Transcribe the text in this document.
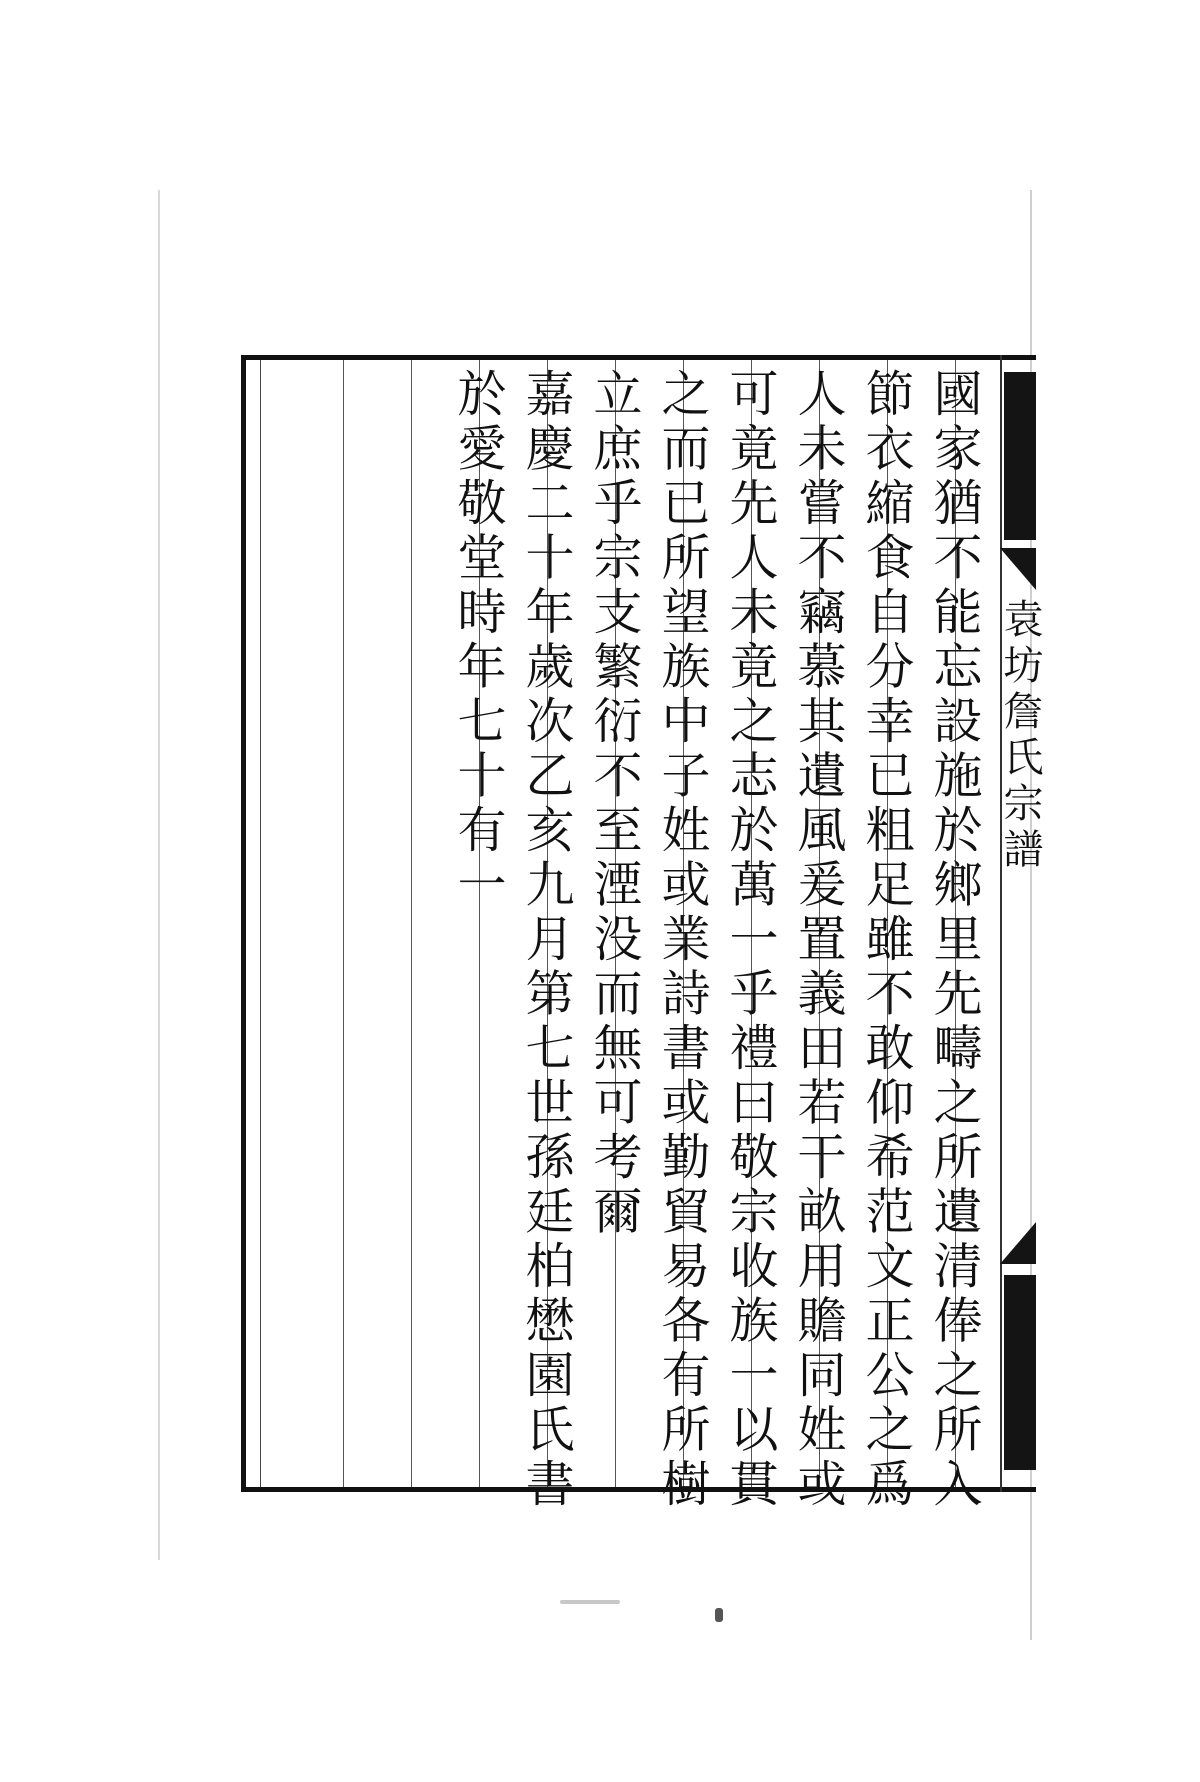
國家猶不能忘設施於鄉里先疇之所遺清俸之所入
節衣縮食自分幸已粗足雖不敢仰希范文正公之爲
人未嘗不竊慕其遺風爰置義田若干畝用贍同姓或
可竟先人未竟之志於萬一乎禮曰敬宗收族一以貫
之而已所望族中子姓或業詩書或勤貿易各有所樹
立庶乎宗支繁衍不至湮没而無可考爾
嘉慶二十年歲次乙亥九月第七世孫廷柏懋園氏書
於愛敬堂時年七十有一	袁坊詹氏宗譜
